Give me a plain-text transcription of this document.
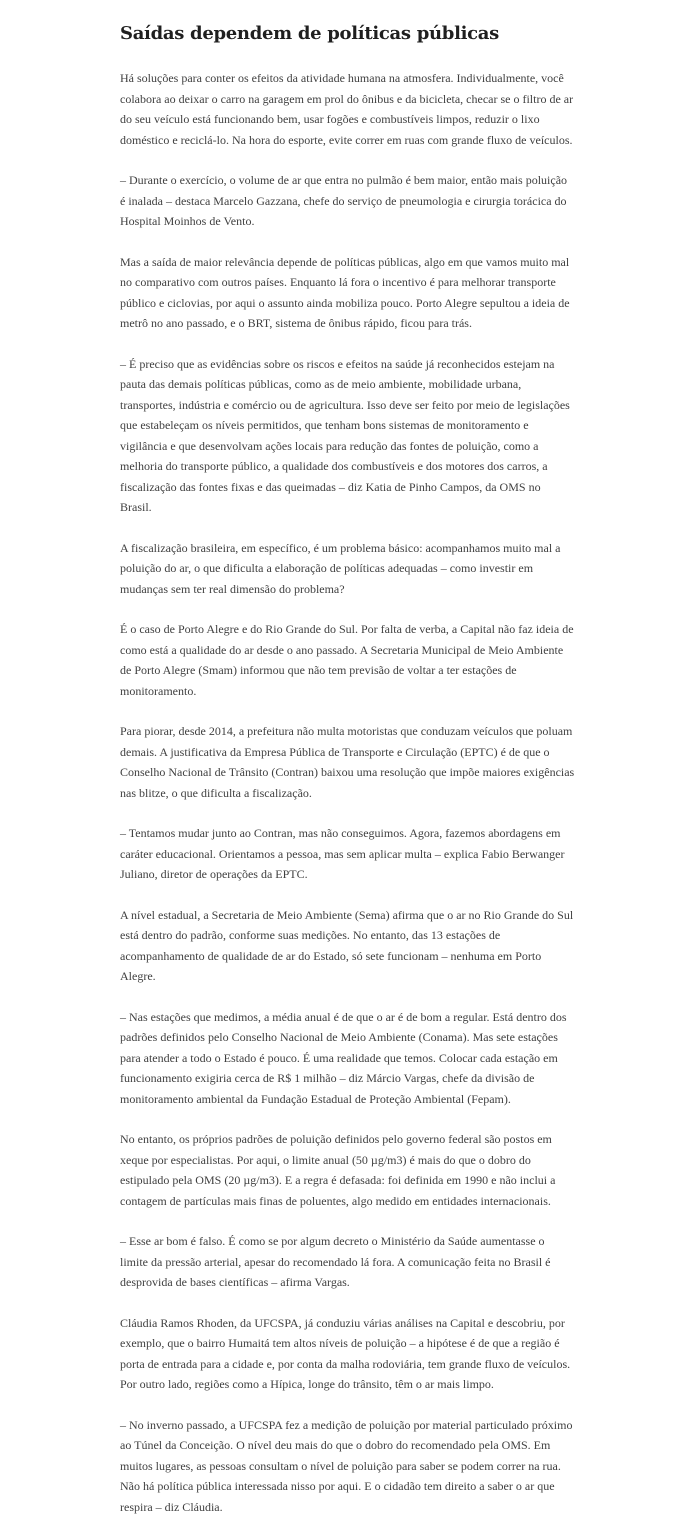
Saídas dependem de políticas públicas

Há soluções para conter os efeitos da atividade humana na atmosfera. Individualmente, você colabora ao deixar o carro na garagem em prol do ônibus e da bicicleta, checar se o filtro de ar do seu veículo está funcionando bem, usar fogões e combustíveis limpos, reduzir o lixo doméstico e reciclá-lo. Na hora do esporte, evite correr em ruas com grande fluxo de veículos.

– Durante o exercício, o volume de ar que entra no pulmão é bem maior, então mais poluição é inalada – destaca Marcelo Gazzana, chefe do serviço de pneumologia e cirurgia torácica do Hospital Moinhos de Vento.

Mas a saída de maior relevância depende de políticas públicas, algo em que vamos muito mal no comparativo com outros países. Enquanto lá fora o incentivo é para melhorar transporte público e ciclovias, por aqui o assunto ainda mobiliza pouco. Porto Alegre sepultou a ideia de metrô no ano passado, e o BRT, sistema de ônibus rápido, ficou para trás.

– É preciso que as evidências sobre os riscos e efeitos na saúde já reconhecidos estejam na pauta das demais políticas públicas, como as de meio ambiente, mobilidade urbana, transportes, indústria e comércio ou de agricultura. Isso deve ser feito por meio de legislações que estabeleçam os níveis permitidos, que tenham bons sistemas de monitoramento e vigilância e que desenvolvam ações locais para redução das fontes de poluição, como a melhoria do transporte público, a qualidade dos combustíveis e dos motores dos carros, a fiscalização das fontes fixas e das queimadas – diz Katia de Pinho Campos, da OMS no Brasil.

A fiscalização brasileira, em específico, é um problema básico: acompanhamos muito mal a poluição do ar, o que dificulta a elaboração de políticas adequadas – como investir em mudanças sem ter real dimensão do problema?

É o caso de Porto Alegre e do Rio Grande do Sul. Por falta de verba, a Capital não faz ideia de como está a qualidade do ar desde o ano passado. A Secretaria Municipal de Meio Ambiente de Porto Alegre (Smam) informou que não tem previsão de voltar a ter estações de monitoramento.

Para piorar, desde 2014, a prefeitura não multa motoristas que conduzam veículos que poluam demais. A justificativa da Empresa Pública de Transporte e Circulação (EPTC) é de que o Conselho Nacional de Trânsito (Contran) baixou uma resolução que impõe maiores exigências nas blitze, o que dificulta a fiscalização.

– Tentamos mudar junto ao Contran, mas não conseguimos. Agora, fazemos abordagens em caráter educacional. Orientamos a pessoa, mas sem aplicar multa – explica Fabio Berwanger Juliano, diretor de operações da EPTC.

A nível estadual, a Secretaria de Meio Ambiente (Sema) afirma que o ar no Rio Grande do Sul está dentro do padrão, conforme suas medições. No entanto, das 13 estações de acompanhamento de qualidade de ar do Estado, só sete funcionam – nenhuma em Porto Alegre.

– Nas estações que medimos, a média anual é de que o ar é de bom a regular. Está dentro dos padrões definidos pelo Conselho Nacional de Meio Ambiente (Conama). Mas sete estações para atender a todo o Estado é pouco. É uma realidade que temos. Colocar cada estação em funcionamento exigiria cerca de R$ 1 milhão – diz Márcio Vargas, chefe da divisão de monitoramento ambiental da Fundação Estadual de Proteção Ambiental (Fepam).

No entanto, os próprios padrões de poluição definidos pelo governo federal são postos em xeque por especialistas. Por aqui, o limite anual (50 µg/m3) é mais do que o dobro do estipulado pela OMS (20 µg/m3). E a regra é defasada: foi definida em 1990 e não inclui a contagem de partículas mais finas de poluentes, algo medido em entidades internacionais.

– Esse ar bom é falso. É como se por algum decreto o Ministério da Saúde aumentasse o limite da pressão arterial, apesar do recomendado lá fora. A comunicação feita no Brasil é desprovida de bases científicas – afirma Vargas.

Cláudia Ramos Rhoden, da UFCSPA, já conduziu várias análises na Capital e descobriu, por exemplo, que o bairro Humaitá tem altos níveis de poluição – a hipótese é de que a região é porta de entrada para a cidade e, por conta da malha rodoviária, tem grande fluxo de veículos. Por outro lado, regiões como a Hípica, longe do trânsito, têm o ar mais limpo.

– No inverno passado, a UFCSPA fez a medição de poluição por material particulado próximo ao Túnel da Conceição. O nível deu mais do que o dobro do recomendado pela OMS. Em muitos lugares, as pessoas consultam o nível de poluição para saber se podem correr na rua. Não há política pública interessada nisso por aqui. E o cidadão tem direito a saber o ar que respira – diz Cláudia.
